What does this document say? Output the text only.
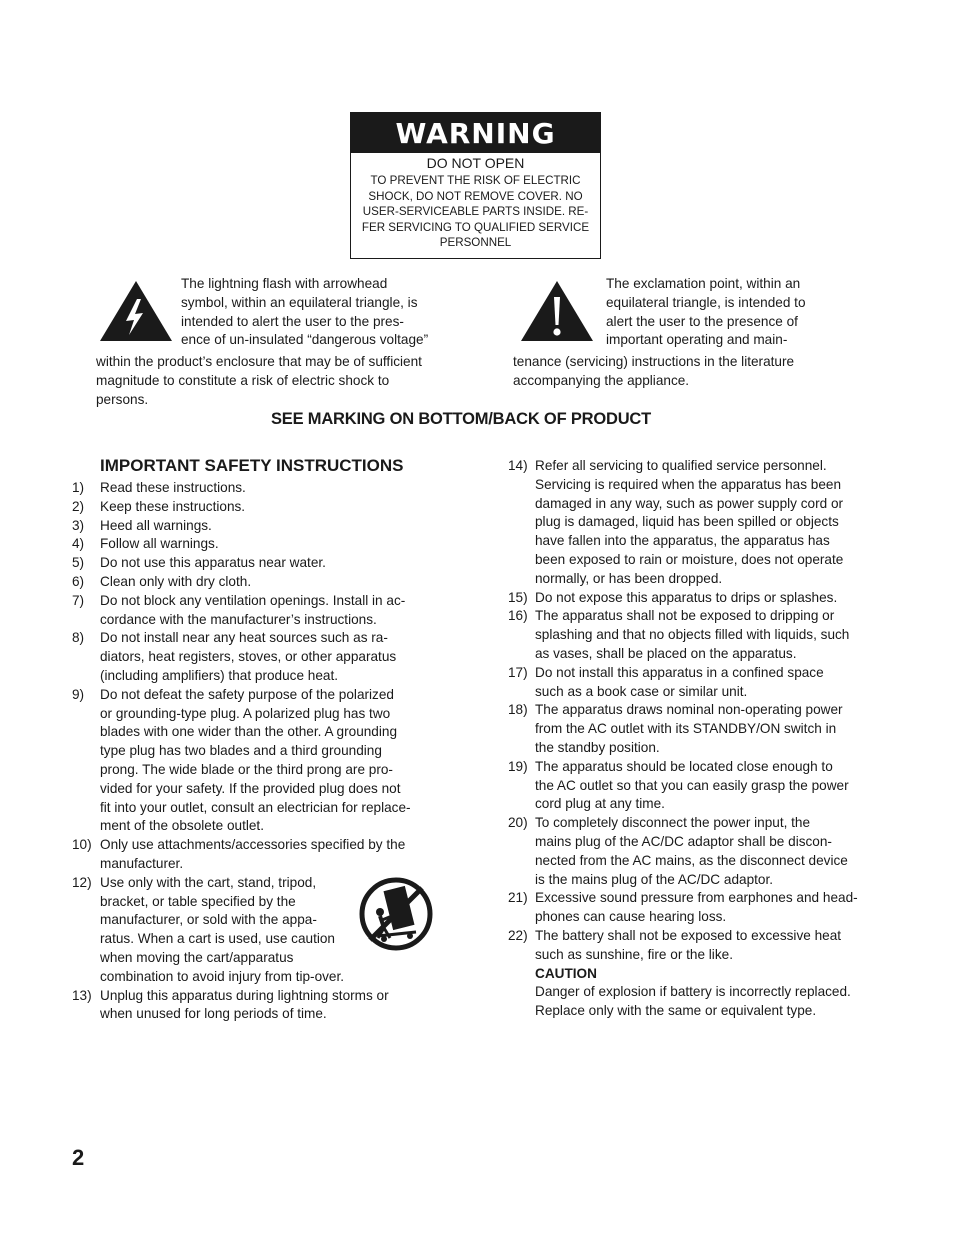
WARNING
DO NOT OPEN
TO PREVENT THE RISK OF ELECTRIC
SHOCK, DO NOT REMOVE COVER. NO
USER-SERVICEABLE PARTS INSIDE. RE-
FER SERVICING TO QUALIFIED SERVICE
PERSONNEL

The lightning flash with arrowhead

symbol, within an equilateral triangle, is

intended to alert the user to the pres-

ence of un-insulated “dangerous voltage”

within the product’s enclosure that may be of sufficient

magnitude to constitute a risk of electric shock to

persons.

The exclamation point, within an

equilateral triangle, is intended to

alert the user to the presence of

important operating and main-

tenance (servicing) instructions in the literature

accompanying the appliance.

SEE MARKING ON BOTTOM/BACK OF PRODUCT
IMPORTANT SAFETY INSTRUCTIONS
1) Read these instructions.
2) Keep these instructions.
3) Heed all warnings.
4) Follow all warnings.
5) Do not use this apparatus near water.
6) Clean only with dry cloth.
7) Do not block any ventilation openings. Install in ac-
cordance with the manufacturer’s instructions.
8) Do not install near any heat sources such as ra-
diators, heat registers, stoves, or other apparatus
(including amplifiers) that produce heat.
9) Do not defeat the safety purpose of the polarized
or grounding-type plug. A polarized plug has two
blades with one wider than the other. A grounding
type plug has two blades and a third grounding
prong. The wide blade or the third prong are pro-
vided for your safety. If the provided plug does not
fit into your outlet, consult an electrician for replace-
ment of the obsolete outlet.
10) Only use attachments/accessories specified by the
manufacturer.
12) Use only with the cart, stand, tripod,
bracket, or table specified by the
manufacturer, or sold with the appa-
ratus. When a cart is used, use caution
when moving the cart/apparatus
combination to avoid injury from tip-over.
13) Unplug this apparatus during lightning storms or
when unused for long periods of time.
14) Refer all servicing to qualified service personnel.
Servicing is required when the apparatus has been
damaged in any way, such as power supply cord or
plug is damaged, liquid has been spilled or objects
have fallen into the apparatus, the apparatus has
been exposed to rain or moisture, does not operate
normally, or has been dropped.
15) Do not expose this apparatus to drips or splashes.
16) The apparatus shall not be exposed to dripping or
splashing and that no objects filled with liquids, such
as vases, shall be placed on the apparatus.
17) Do not install this apparatus in a confined space
such as a book case or similar unit.
18) The apparatus draws nominal non-operating power
from the AC outlet with its STANDBY/ON switch in
the standby position.
19) The apparatus should be located close enough to
the AC outlet so that you can easily grasp the power
cord plug at any time.
20) To completely disconnect the power input, the
mains plug of the AC/DC adaptor shall be discon-
nected from the AC mains, as the disconnect device
is the mains plug of the AC/DC adaptor.
21) Excessive sound pressure from earphones and head-
phones can cause hearing loss.
22) The battery shall not be exposed to excessive heat
such as sunshine, fire or the like.
CAUTION
Danger of explosion if battery is incorrectly replaced.
Replace only with the same or equivalent type.
2
